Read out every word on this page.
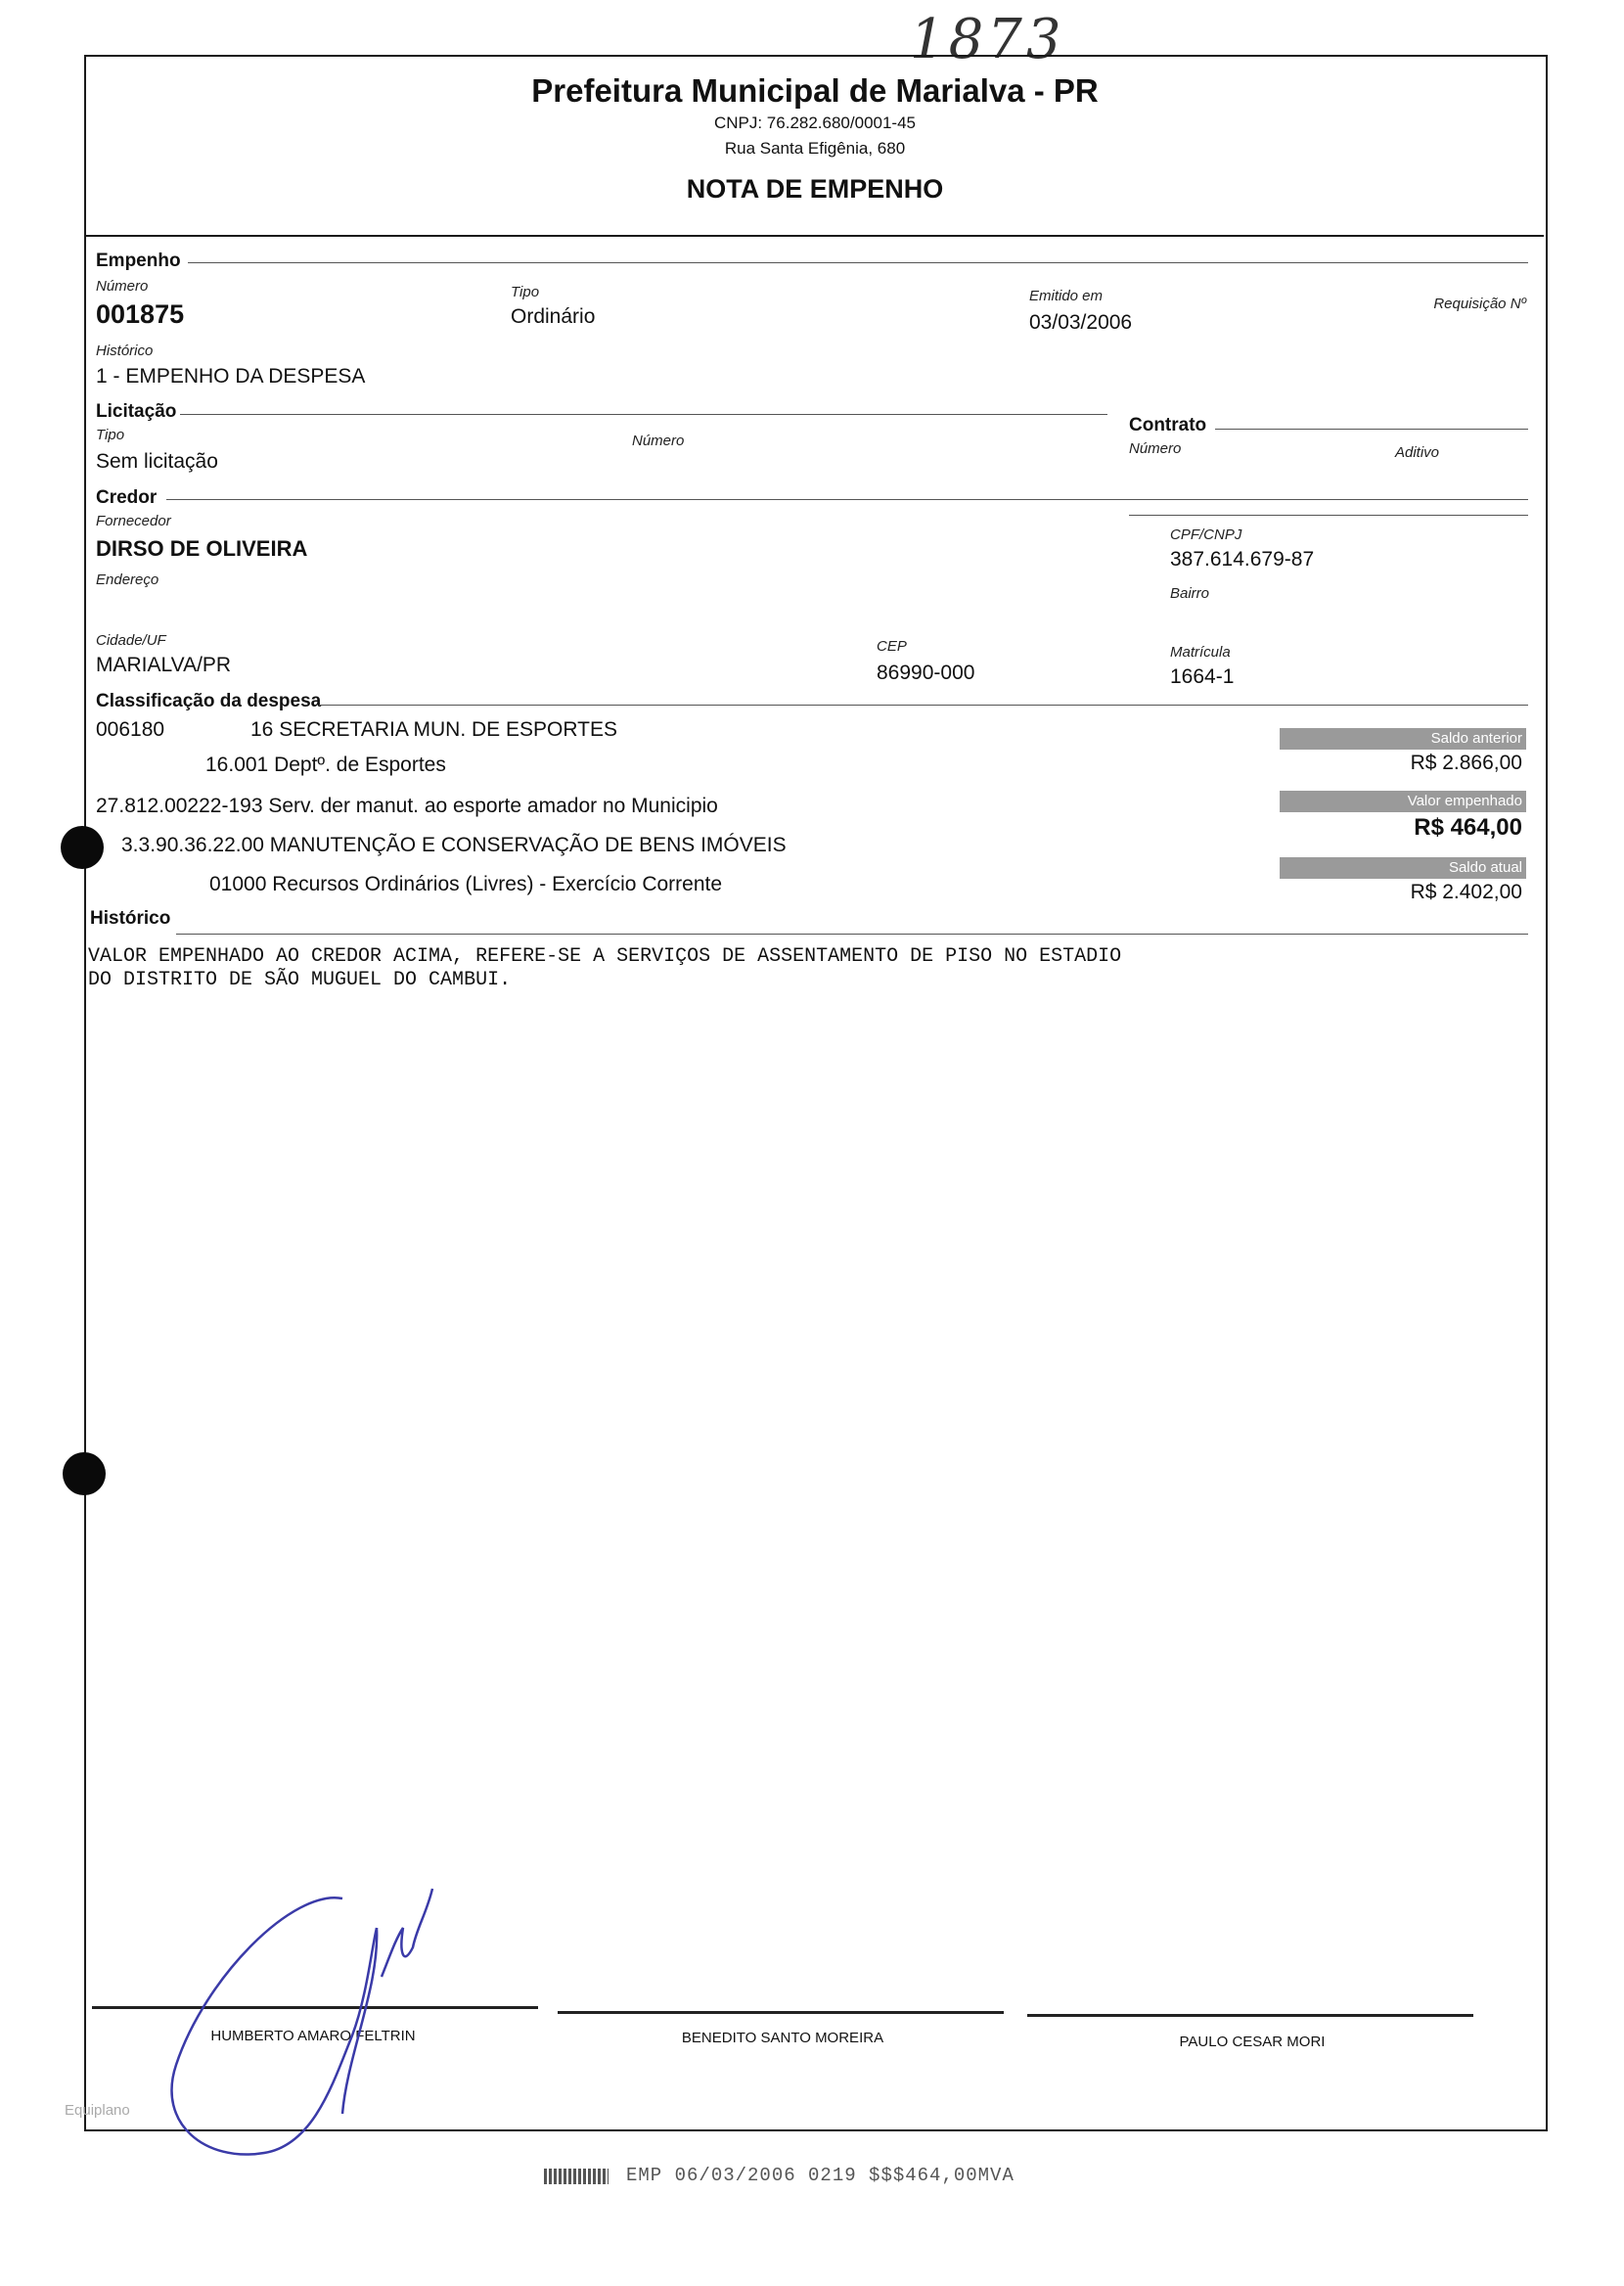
1873
Prefeitura Municipal de Marialva - PR
CNPJ: 76.282.680/0001-45
Rua Santa Efigênia, 680
NOTA DE EMPENHO
Empenho
Número
001875
Tipo
Ordinário
Emitido em
03/03/2006
Requisição Nº
Histórico
1 - EMPENHO DA DESPESA
Licitação
Tipo
Sem licitação
Número
Contrato
Número	Aditivo
Credor
Fornecedor
DIRSO DE OLIVEIRA
CPF/CNPJ
387.614.679-87
Endereço
Bairro
Cidade/UF
MARIALVA/PR
CEP
86990-000
Matrícula
1664-1
Classificação da despesa
006180	16 SECRETARIA MUN. DE ESPORTES
16.001 Deptº. de Esportes
27.812.00222-193 Serv. der manut. ao esporte amador no Municipio
3.3.90.36.22.00 MANUTENÇÃO E CONSERVAÇÃO DE BENS IMÓVEIS
01000 Recursos Ordinários (Livres) - Exercício Corrente
Saldo anterior
R$ 2.866,00
Valor empenhado
R$ 464,00
Saldo atual
R$ 2.402,00
Histórico
VALOR EMPENHADO AO CREDOR ACIMA, REFERE-SE A SERVIÇOS DE ASSENTAMENTO DE PISO NO ESTADIO
DO DISTRITO DE SÃO MUGUEL DO CAMBUI.
HUMBERTO AMARO FELTRIN	BENEDITO SANTO MOREIRA	PAULO CESAR MORI
Equiplano
EMP 06/03/2006 0219 $$$464,00MVA
